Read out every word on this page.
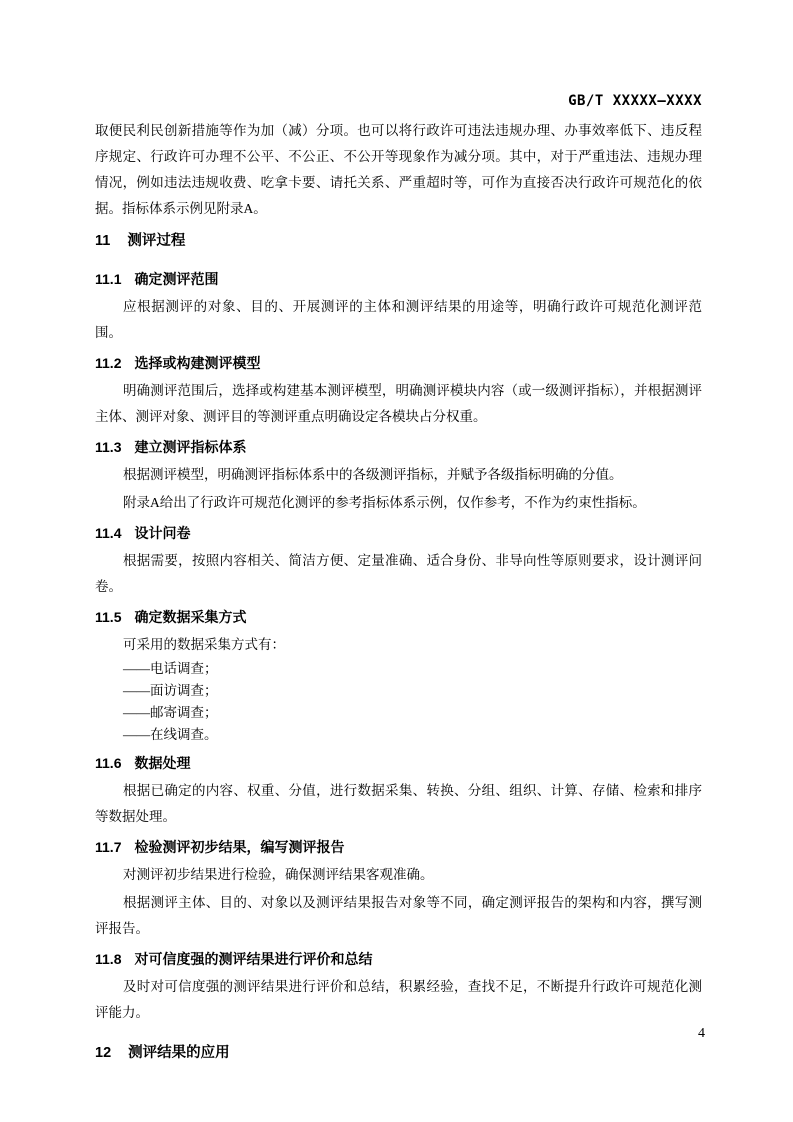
GB/T XXXXX—XXXX

取便民利民创新措施等作为加（减）分项。也可以将行政许可违法违规办理、办事效率低下、违反程序规定、行政许可办理不公平、不公正、不公开等现象作为减分项。其中，对于严重违法、违规办理情况，例如违法违规收费、吃拿卡要、请托关系、严重超时等，可作为直接否决行政许可规范化的依据。指标体系示例见附录A。

11 测评过程
11.1 确定测评范围

应根据测评的对象、目的、开展测评的主体和测评结果的用途等，明确行政许可规范化测评范围。

11.2 选择或构建测评模型

明确测评范围后，选择或构建基本测评模型，明确测评模块内容（或一级测评指标），并根据测评主体、测评对象、测评目的等测评重点明确设定各模块占分权重。

11.3 建立测评指标体系

根据测评模型，明确测评指标体系中的各级测评指标，并赋予各级指标明确的分值。

附录A给出了行政许可规范化测评的参考指标体系示例，仅作参考，不作为约束性指标。

11.4 设计问卷

根据需要，按照内容相关、简洁方便、定量准确、适合身份、非导向性等原则要求，设计测评问卷。

11.5 确定数据采集方式

可采用的数据采集方式有：

——电话调查；

——面访调查；

——邮寄调查；

——在线调查。

11.6 数据处理

根据已确定的内容、权重、分值，进行数据采集、转换、分组、组织、计算、存储、检索和排序等数据处理。

11.7 检验测评初步结果，编写测评报告

对测评初步结果进行检验，确保测评结果客观准确。

根据测评主体、目的、对象以及测评结果报告对象等不同，确定测评报告的架构和内容，撰写测评报告。

11.8 对可信度强的测评结果进行评价和总结

及时对可信度强的测评结果进行评价和总结，积累经验，查找不足，不断提升行政许可规范化测评能力。

12 测评结果的应用
4
